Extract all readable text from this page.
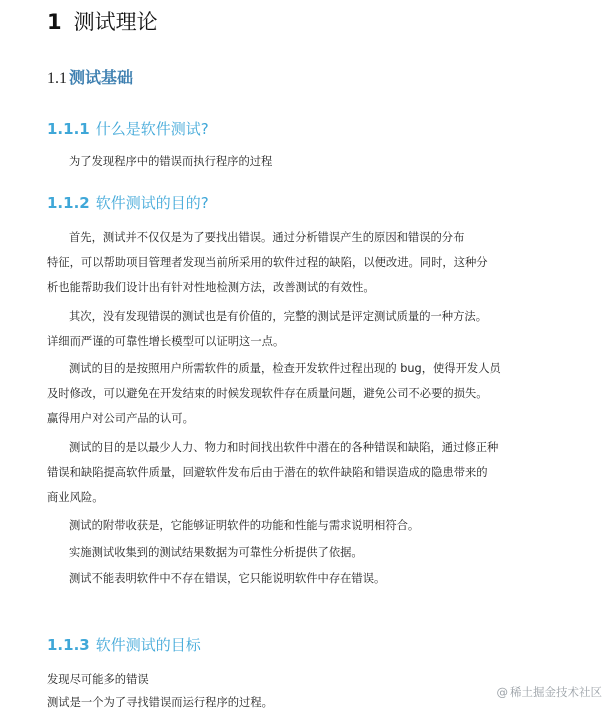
1 测试理论
1.1 测试基础
1.1.1 什么是软件测试?
为了发现程序中的错误而执行程序的过程
1.1.2 软件测试的目的?
首先，测试并不仅仅是为了要找出错误。通过分析错误产生的原因和错误的分布
特征，可以帮助项目管理者发现当前所采用的软件过程的缺陷，以便改进。同时，这种分
析也能帮助我们设计出有针对性地检测方法，改善测试的有效性。
其次，没有发现错误的测试也是有价值的，完整的测试是评定测试质量的一种方法。
详细而严谨的可靠性增长模型可以证明这一点。
测试的目的是按照用户所需软件的质量，检查开发软件过程出现的 bug，使得开发人员
及时修改，可以避免在开发结束的时候发现软件存在质量问题，避免公司不必要的损失。
赢得用户对公司产品的认可。
测试的目的是以最少人力、物力和时间找出软件中潜在的各种错误和缺陷，通过修正种
错误和缺陷提高软件质量，回避软件发布后由于潜在的软件缺陷和错误造成的隐患带来的
商业风险。
测试的附带收获是，它能够证明软件的功能和性能与需求说明相符合。
实施测试收集到的测试结果数据为可靠性分析提供了依据。
测试不能表明软件中不存在错误，它只能说明软件中存在错误。
1.1.3 软件测试的目标
发现尽可能多的错误
测试是一个为了寻找错误而运行程序的过程。
@ 稀土掘金技术社区
